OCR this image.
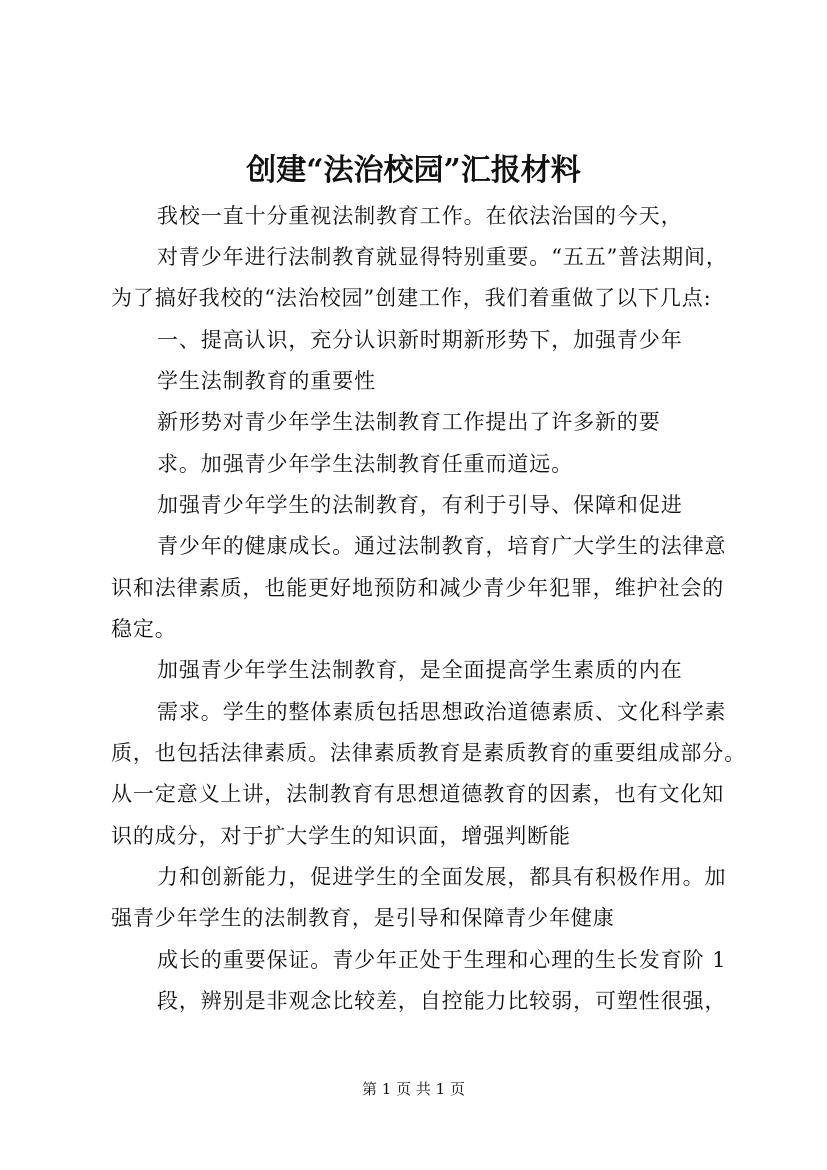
创建“法治校园”汇报材料
我校一直十分重视法制教育工作。在依法治国的今天，
对青少年进行法制教育就显得特别重要。“五五”普法期间，
为了搞好我校的“法治校园”创建工作，我们着重做了以下几点:
一、提高认识，充分认识新时期新形势下，加强青少年
学生法制教育的重要性
新形势对青少年学生法制教育工作提出了许多新的要
求。加强青少年学生法制教育任重而道远。
加强青少年学生的法制教育，有利于引导、保障和促进
青少年的健康成长。通过法制教育，培育广大学生的法律意
识和法律素质，也能更好地预防和减少青少年犯罪，维护社会的
稳定。
加强青少年学生法制教育，是全面提高学生素质的内在
需求。学生的整体素质包括思想政治道德素质、文化科学素
质，也包括法律素质。法律素质教育是素质教育的重要组成部分。
从一定意义上讲，法制教育有思想道德教育的因素，也有文化知
识的成分，对于扩大学生的知识面，增强判断能
力和创新能力，促进学生的全面发展，都具有积极作用。加
强青少年学生的法制教育，是引导和保障青少年健康
成长的重要保证。青少年正处于生理和心理的生长发育阶 1
段，辨别是非观念比较差，自控能力比较弱，可塑性很强，
第 1 页 共 1 页
